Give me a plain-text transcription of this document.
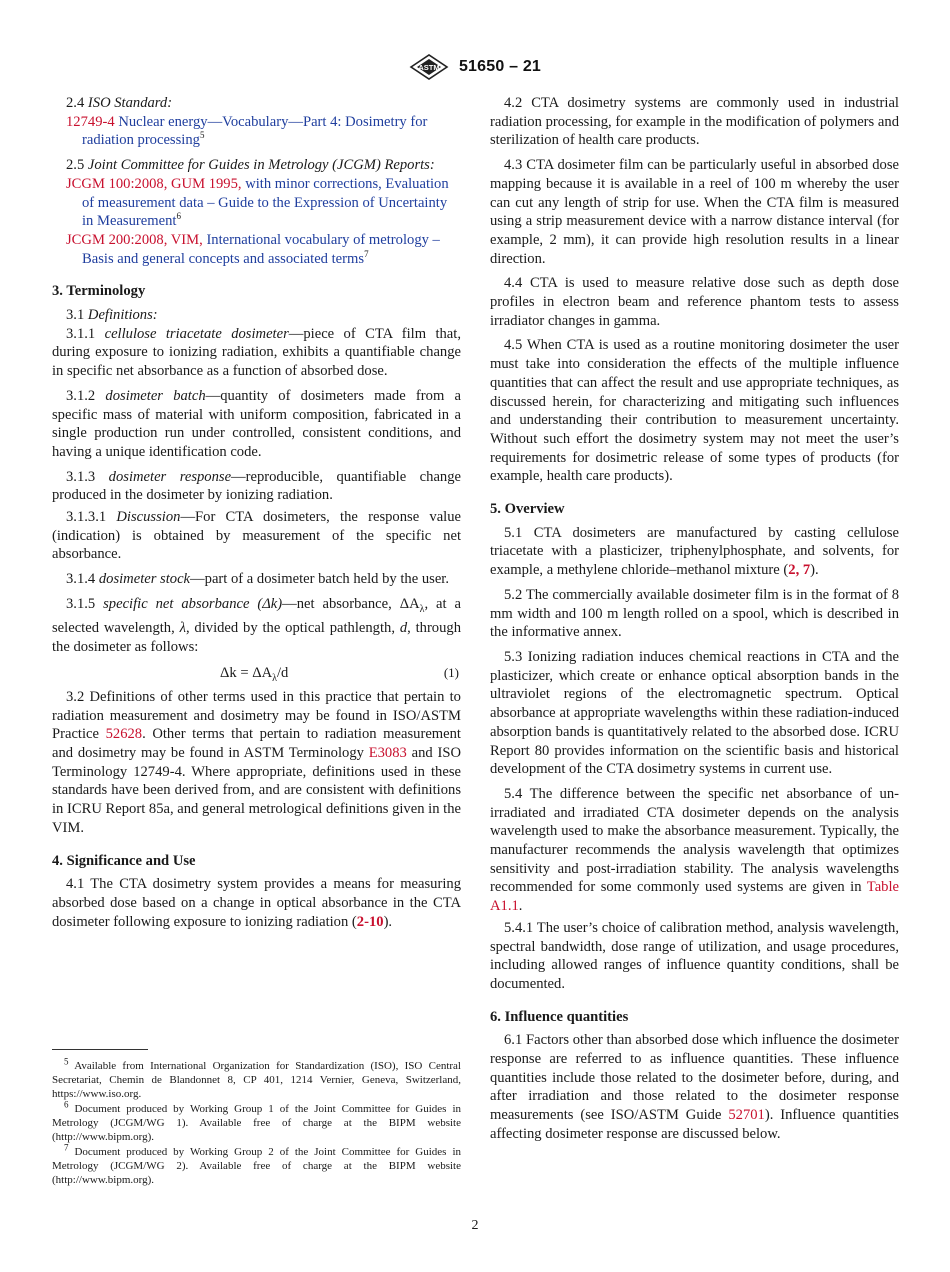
ASTM 51650 – 21

2.4 ISO Standard:

12749-4 Nuclear energy—Vocabulary—Part 4: Dosimetry for radiation processing$^5$

2.5 Joint Committee for Guides in Metrology (JCGM) Reports:

JCGM 100:2008, GUM 1995, with minor corrections, Evaluation of measurement data – Guide to the Expression of Uncertainty in Measurement$^6$

JCGM 200:2008, VIM, International vocabulary of metrology – Basis and general concepts and associated terms$^7$

3. Terminology

3.1 Definitions:

3.1.1 cellulose triacetate dosimeter—piece of CTA film that, during exposure to ionizing radiation, exhibits a quantifiable change in specific net absorbance as a function of absorbed dose.

3.1.2 dosimeter batch—quantity of dosimeters made from a specific mass of material with uniform composition, fabricated in a single production run under controlled, consistent conditions, and having a unique identification code.

3.1.3 dosimeter response—reproducible, quantifiable change produced in the dosimeter by ionizing radiation.

3.1.3.1 Discussion—For CTA dosimeters, the response value (indication) is obtained by measurement of the specific net absorbance.

3.1.4 dosimeter stock—part of a dosimeter batch held by the user.

3.1.5 specific net absorbance (Δk)—net absorbance, $\Delta A_\lambda$, at a selected wavelength, λ, divided by the optical pathlength, d, through the dosimeter as follows:

$\Delta k = \Delta A_\lambda/d$	(1)

3.2 Definitions of other terms used in this practice that pertain to radiation measurement and dosimetry may be found in ISO/ASTM Practice 52628. Other terms that pertain to radiation measurement and dosimetry may be found in ASTM Terminology E3083 and ISO Terminology 12749-4. Where appropriate, definitions used in these standards have been derived from, and are consistent with definitions in ICRU Report 85a, and general metrological definitions given in the VIM.

4. Significance and Use

4.1 The CTA dosimetry system provides a means for measuring absorbed dose based on a change in optical absorbance in the CTA dosimeter following exposure to ionizing radiation (2-10).

4.2 CTA dosimetry systems are commonly used in industrial radiation processing, for example in the modification of polymers and sterilization of health care products.

4.3 CTA dosimeter film can be particularly useful in absorbed dose mapping because it is available in a reel of 100 m whereby the user can cut any length of strip for use. When the CTA film is measured using a strip measurement device with a narrow distance interval (for example, 2 mm), it can provide high resolution results in a linear direction.

4.4 CTA is used to measure relative dose such as depth dose profiles in electron beam and reference phantom tests to assess irradiator changes in gamma.

4.5 When CTA is used as a routine monitoring dosimeter the user must take into consideration the effects of the multiple influence quantities that can affect the result and use appropriate techniques, as discussed herein, for characterizing and mitigating such influences and understanding their contribution to measurement uncertainty. Without such effort the dosimetry system may not meet the user’s requirements for dosimetric release of some types of products (for example, health care products).

5. Overview

5.1 CTA dosimeters are manufactured by casting cellulose triacetate with a plasticizer, triphenylphosphate, and solvents, for example, a methylene chloride–methanol mixture (2, 7).

5.2 The commercially available dosimeter film is in the format of 8 mm width and 100 m length rolled on a spool, which is described in the informative annex.

5.3 Ionizing radiation induces chemical reactions in CTA and the plasticizer, which create or enhance optical absorption bands in the ultraviolet regions of the electromagnetic spectrum. Optical absorbance at appropriate wavelengths within these radiation-induced absorption bands is quantitatively related to the absorbed dose. ICRU Report 80 provides information on the scientific basis and historical development of the CTA dosimetry systems in current use.

5.4 The difference between the specific net absorbance of un-irradiated and irradiated CTA dosimeter depends on the analysis wavelength used to make the absorbance measurement. Typically, the manufacturer recommends the analysis wavelength that optimizes sensitivity and post-irradiation stability. The analysis wavelengths recommended for some commonly used systems are given in Table A1.1.

5.4.1 The user’s choice of calibration method, analysis wavelength, spectral bandwidth, dose range of utilization, and usage procedures, including allowed ranges of influence quantity conditions, shall be documented.

6. Influence quantities

6.1 Factors other than absorbed dose which influence the dosimeter response are referred to as influence quantities. These influence quantities include those related to the dosimeter before, during, and after irradiation and those related to the dosimeter response measurements (see ISO/ASTM Guide 52701). Influence quantities affecting dosimeter response are discussed below.

$^5$ Available from International Organization for Standardization (ISO), ISO Central Secretariat, Chemin de Blandonnet 8, CP 401, 1214 Vernier, Geneva, Switzerland, https://www.iso.org.

$^6$ Document produced by Working Group 1 of the Joint Committee for Guides in Metrology (JCGM/WG 1). Available free of charge at the BIPM website (http://www.bipm.org).

$^7$ Document produced by Working Group 2 of the Joint Committee for Guides in Metrology (JCGM/WG 2). Available free of charge at the BIPM website (http://www.bipm.org).

2
